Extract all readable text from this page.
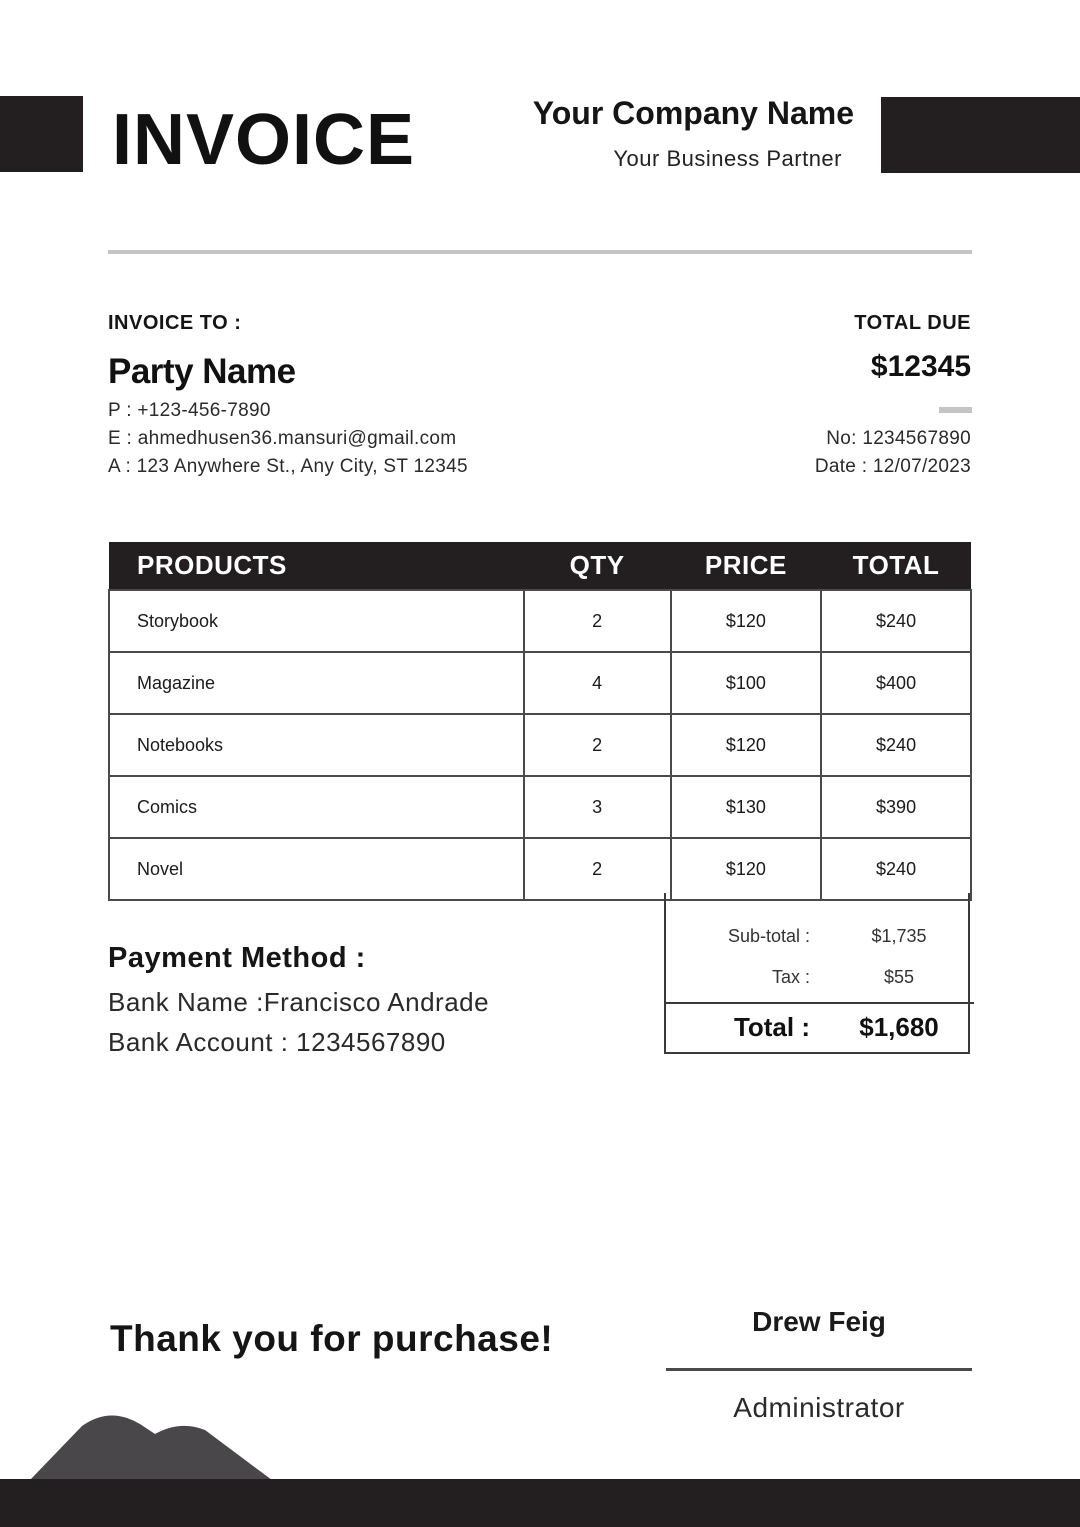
INVOICE	Your Company Name
Your Business Partner
INVOICE TO :
Party Name
P : +123-456-7890
E : ahmedhusen36.mansuri@gmail.com
A : 123 Anywhere St., Any City, ST 12345
TOTAL DUE
$12345
No: 1234567890
Date : 12/07/2023
PRODUCTS	QTY	PRICE	TOTAL
Storybook	2	$120	$240
Magazine	4	$100	$400
Notebooks	2	$120	$240
Comics	3	$130	$390
Novel	2	$120	$240
Sub-total :	$1,735
Tax :	$55
Total :	$1,680
Payment Method :
Bank Name :Francisco Andrade
Bank Account : 1234567890
Thank you for purchase!	Drew Feig
Administrator
